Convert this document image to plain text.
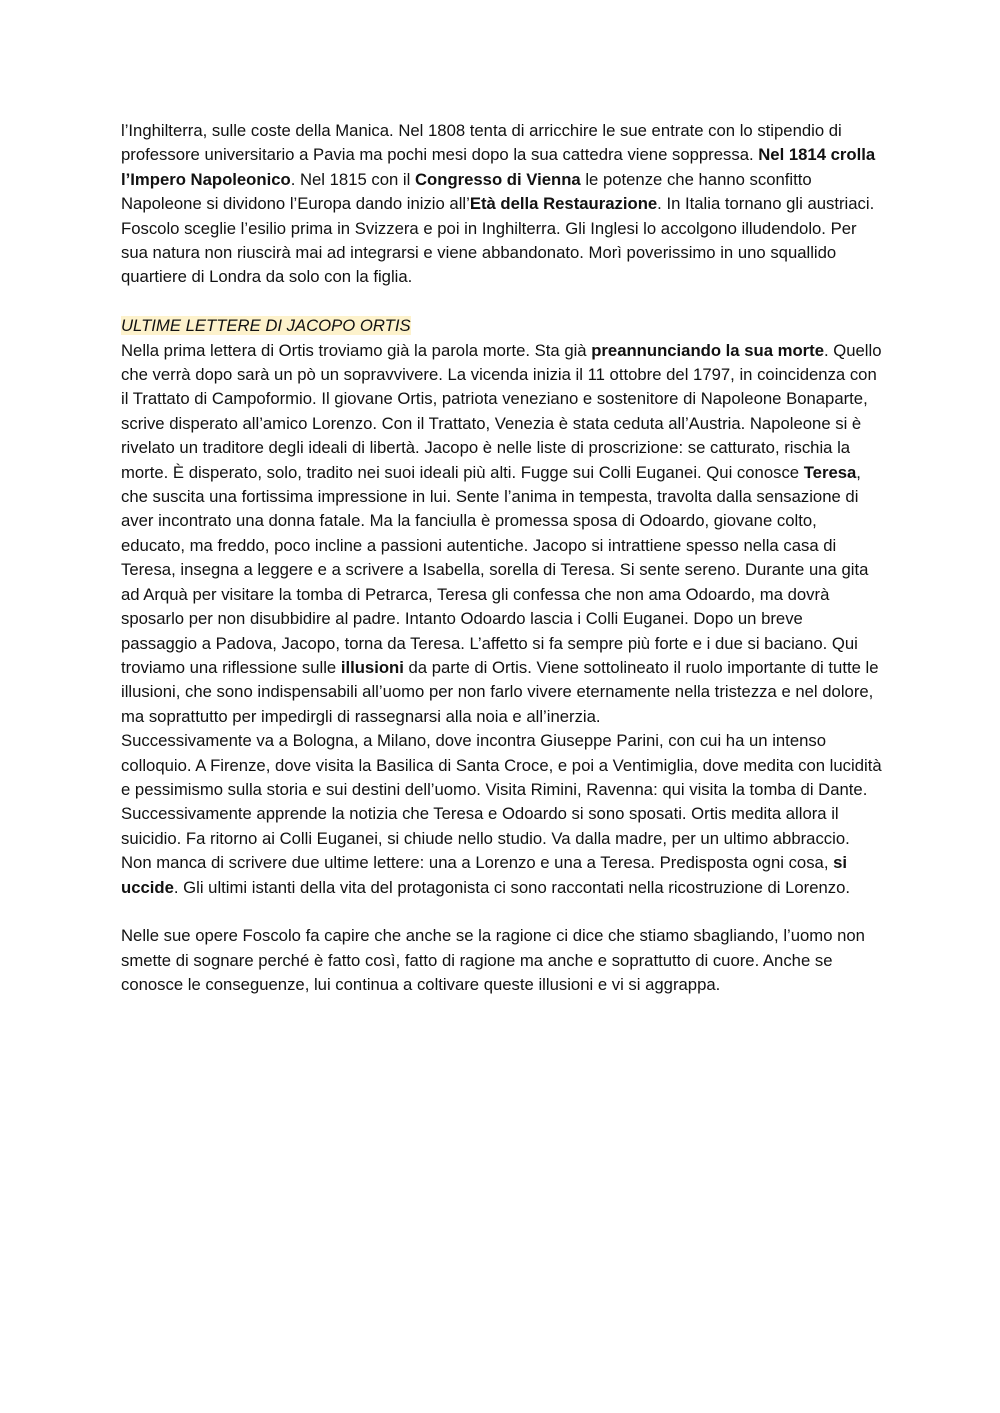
l’Inghilterra, sulle coste della Manica. Nel 1808 tenta di arricchire le sue entrate con lo stipendio di professore universitario a Pavia ma pochi mesi dopo la sua cattedra viene soppressa. Nel 1814 crolla l’Impero Napoleonico. Nel 1815 con il Congresso di Vienna le potenze che hanno sconfitto Napoleone si dividono l’Europa dando inizio all’Età della Restaurazione. In Italia tornano gli austriaci. Foscolo sceglie l’esilio prima in Svizzera e poi in Inghilterra. Gli Inglesi lo accolgono illudendolo. Per sua natura non riuscirà mai ad integrarsi e viene abbandonato. Morì poverissimo in uno squallido quartiere di Londra da solo con la figlia.

ULTIME LETTERE DI JACOPO ORTIS

Nella prima lettera di Ortis troviamo già la parola morte. Sta già preannunciando la sua morte. Quello che verrà dopo sarà un pò un sopravvivere. La vicenda inizia il 11 ottobre del 1797, in coincidenza con il Trattato di Campoformio. Il giovane Ortis, patriota veneziano e sostenitore di Napoleone Bonaparte, scrive disperato all’amico Lorenzo. Con il Trattato, Venezia è stata ceduta all’Austria. Napoleone si è rivelato un traditore degli ideali di libertà. Jacopo è nelle liste di proscrizione: se catturato, rischia la morte. È disperato, solo, tradito nei suoi ideali più alti. Fugge sui Colli Euganei. Qui conosce Teresa, che suscita una fortissima impressione in lui. Sente l’anima in tempesta, travolta dalla sensazione di aver incontrato una donna fatale. Ma la fanciulla è promessa sposa di Odoardo, giovane colto, educato, ma freddo, poco incline a passioni autentiche. Jacopo si intrattiene spesso nella casa di Teresa, insegna a leggere e a scrivere a Isabella, sorella di Teresa. Si sente sereno. Durante una gita ad Arquà per visitare la tomba di Petrarca, Teresa gli confessa che non ama Odoardo, ma dovrà sposarlo per non disubbidire al padre. Intanto Odoardo lascia i Colli Euganei. Dopo un breve passaggio a Padova, Jacopo, torna da Teresa. L’affetto si fa sempre più forte e i due si baciano. Qui troviamo una riflessione sulle illusioni da parte di Ortis. Viene sottolineato il ruolo importante di tutte le illusioni, che sono indispensabili all’uomo per non farlo vivere eternamente nella tristezza e nel dolore, ma soprattutto per impedirgli di rassegnarsi alla noia e all’inerzia.

Successivamente va a Bologna, a Milano, dove incontra Giuseppe Parini, con cui ha un intenso colloquio. A Firenze, dove visita la Basilica di Santa Croce, e poi a Ventimiglia, dove medita con lucidità e pessimismo sulla storia e sui destini dell’uomo. Visita Rimini, Ravenna: qui visita la tomba di Dante. Successivamente apprende la notizia che Teresa e Odoardo si sono sposati. Ortis medita allora il suicidio. Fa ritorno ai Colli Euganei, si chiude nello studio. Va dalla madre, per un ultimo abbraccio. Non manca di scrivere due ultime lettere: una a Lorenzo e una a Teresa. Predisposta ogni cosa, si uccide. Gli ultimi istanti della vita del protagonista ci sono raccontati nella ricostruzione di Lorenzo.

Nelle sue opere Foscolo fa capire che anche se la ragione ci dice che stiamo sbagliando, l’uomo non smette di sognare perché è fatto così, fatto di ragione ma anche e soprattutto di cuore. Anche se conosce le conseguenze, lui continua a coltivare queste illusioni e vi si aggrappa.
